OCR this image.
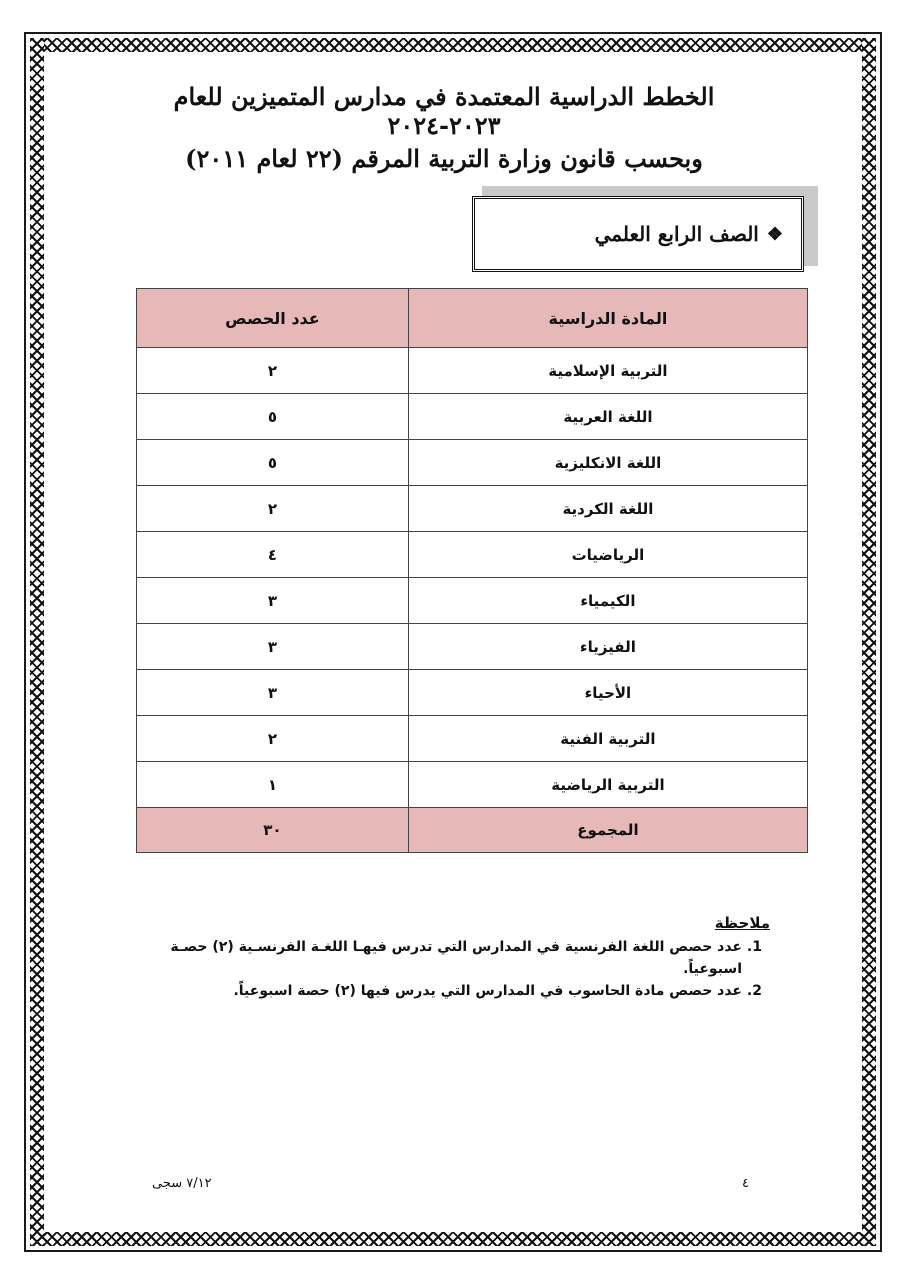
الخطط الدراسية المعتمدة في مدارس المتميزين للعام ٢٠٢٣-٢٠٢٤
وبحسب قانون وزارة التربية المرقم (٢٢ لعام ٢٠١١)
❖
الصف الرابع العلمي
المادة الدراسية	عدد الحصص
التربية الإسلامية	٢
اللغة العربية	٥
اللغة الانكليزية	٥
اللغة الكردية	٢
الرياضيات	٤
الكيمياء	٣
الفيزياء	٣
الأحياء	٣
التربية الفنية	٢
التربية الرياضية	١
المجموع	٣٠
ملاحظة
1. عدد حصص اللغة الفرنسية في المدارس التي تدرس فيهـا اللغـة الفرنسـية (٢) حصـة اسبوعياً.
2. عدد حصص مادة الحاسوب في المدارس التي يدرس فيها (٢) حصة اسبوعياً.
٤
٧/١٢ سجى
